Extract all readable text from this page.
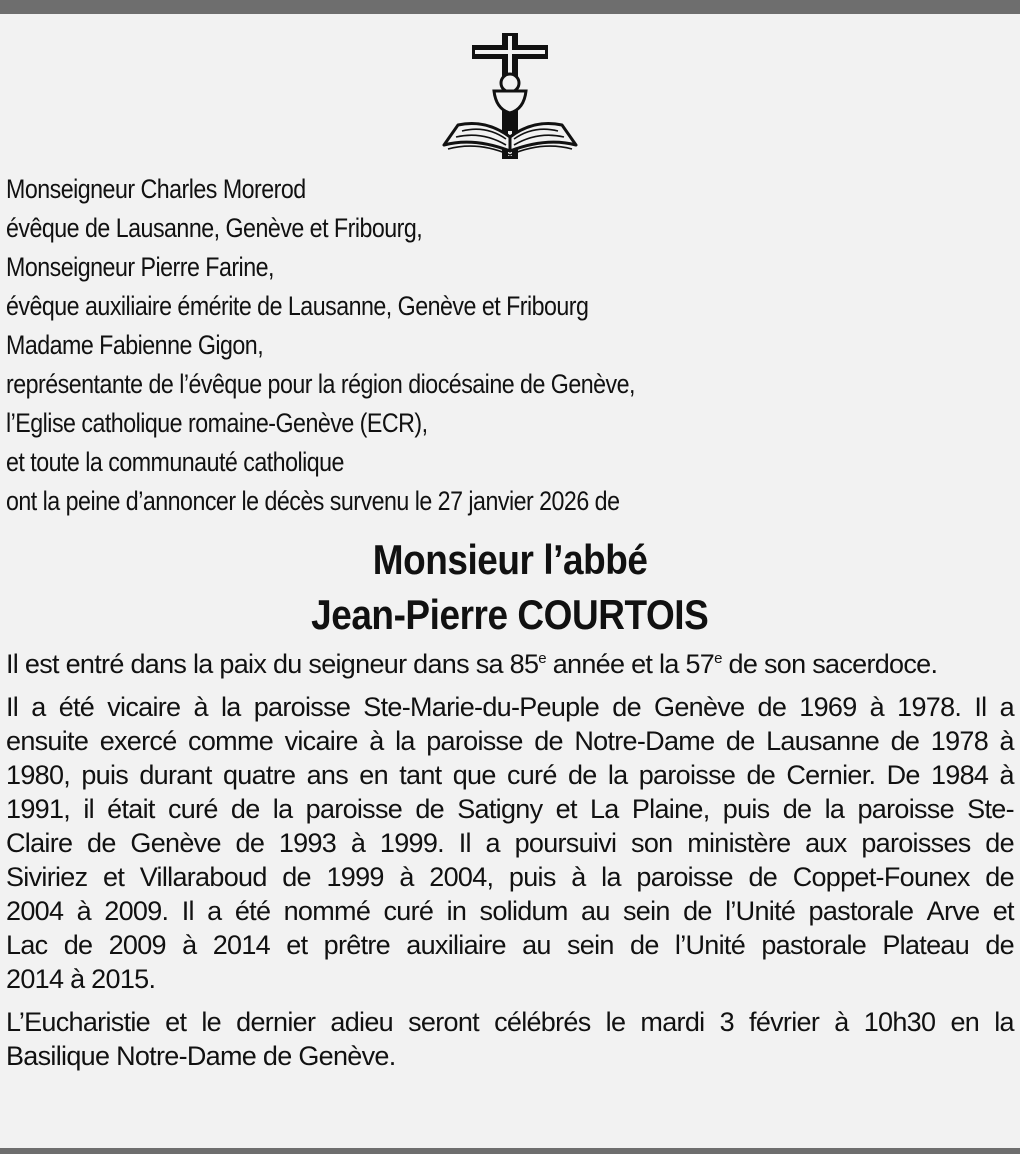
Monseigneur Charles Morerod
évêque de Lausanne, Genève et Fribourg,
Monseigneur Pierre Farine,
évêque auxiliaire émérite de Lausanne, Genève et Fribourg
Madame Fabienne Gigon,
représentante de l’évêque pour la région diocésaine de Genève,
l’Eglise catholique romaine-Genève (ECR),
et toute la communauté catholique
ont la peine d’annoncer le décès survenu le 27 janvier 2026 de
Monsieur l’abbé
Jean-Pierre COURTOIS
Il est entré dans la paix du seigneur dans sa 85e année et la 57e de son sacerdoce.
Il a été vicaire à la paroisse Ste-Marie-du-Peuple de Genève de 1969 à 1978. Il a
ensuite exercé comme vicaire à la paroisse de Notre-Dame de Lausanne de 1978 à
1980, puis durant quatre ans en tant que curé de la paroisse de Cernier. De 1984 à
1991, il était curé de la paroisse de Satigny et La Plaine, puis de la paroisse Ste-
Claire de Genève de 1993 à 1999. Il a poursuivi son ministère aux paroisses de
Siviriez et Villaraboud de 1999 à 2004, puis à la paroisse de Coppet-Founex de
2004 à 2009. Il a été nommé curé in solidum au sein de l’Unité pastorale Arve et
Lac de 2009 à 2014 et prêtre auxiliaire au sein de l’Unité pastorale Plateau de
2014 à 2015.
L’Eucharistie et le dernier adieu seront célébrés le mardi 3 février à 10h30 en la
Basilique Notre-Dame de Genève.
